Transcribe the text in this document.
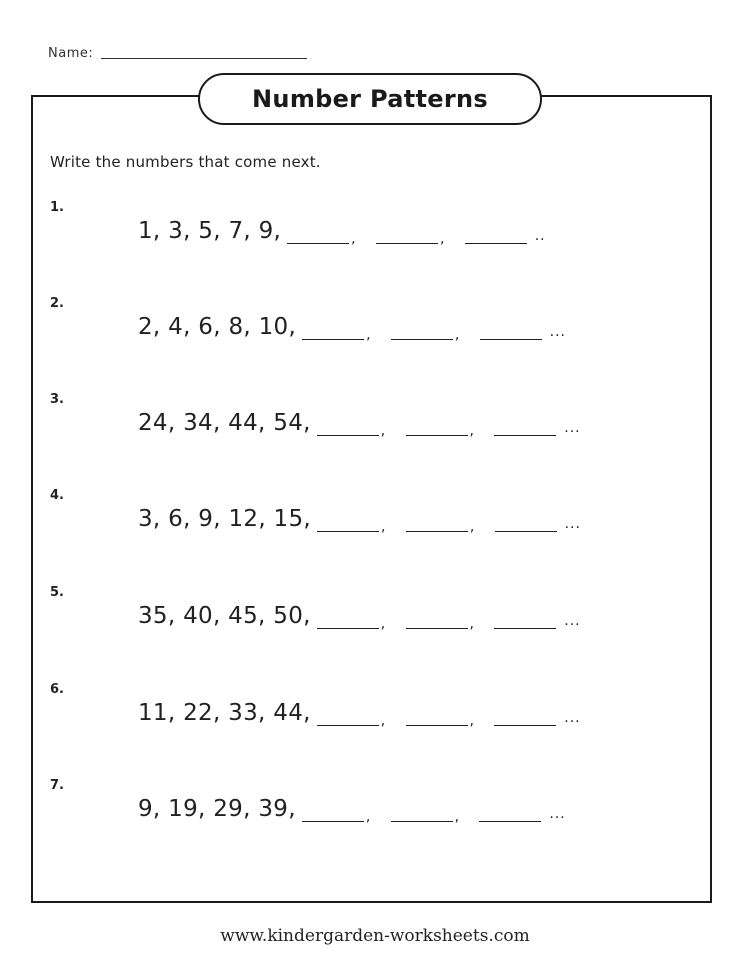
Name:
Number Patterns
Write the numbers that come next.
1.
1, 3, 5, 7, 9,	,	,	..
2.
2, 4, 6, 8, 10,	,	,	...
3.
24, 34, 44, 54,	,	,	...
4.
3, 6, 9, 12, 15,	,	,	...
5.
35, 40, 45, 50,	,	,	...
6.
11, 22, 33, 44,	,	,	...
7.
9, 19, 29, 39,	,	,	...
www.kindergarden-worksheets.com
